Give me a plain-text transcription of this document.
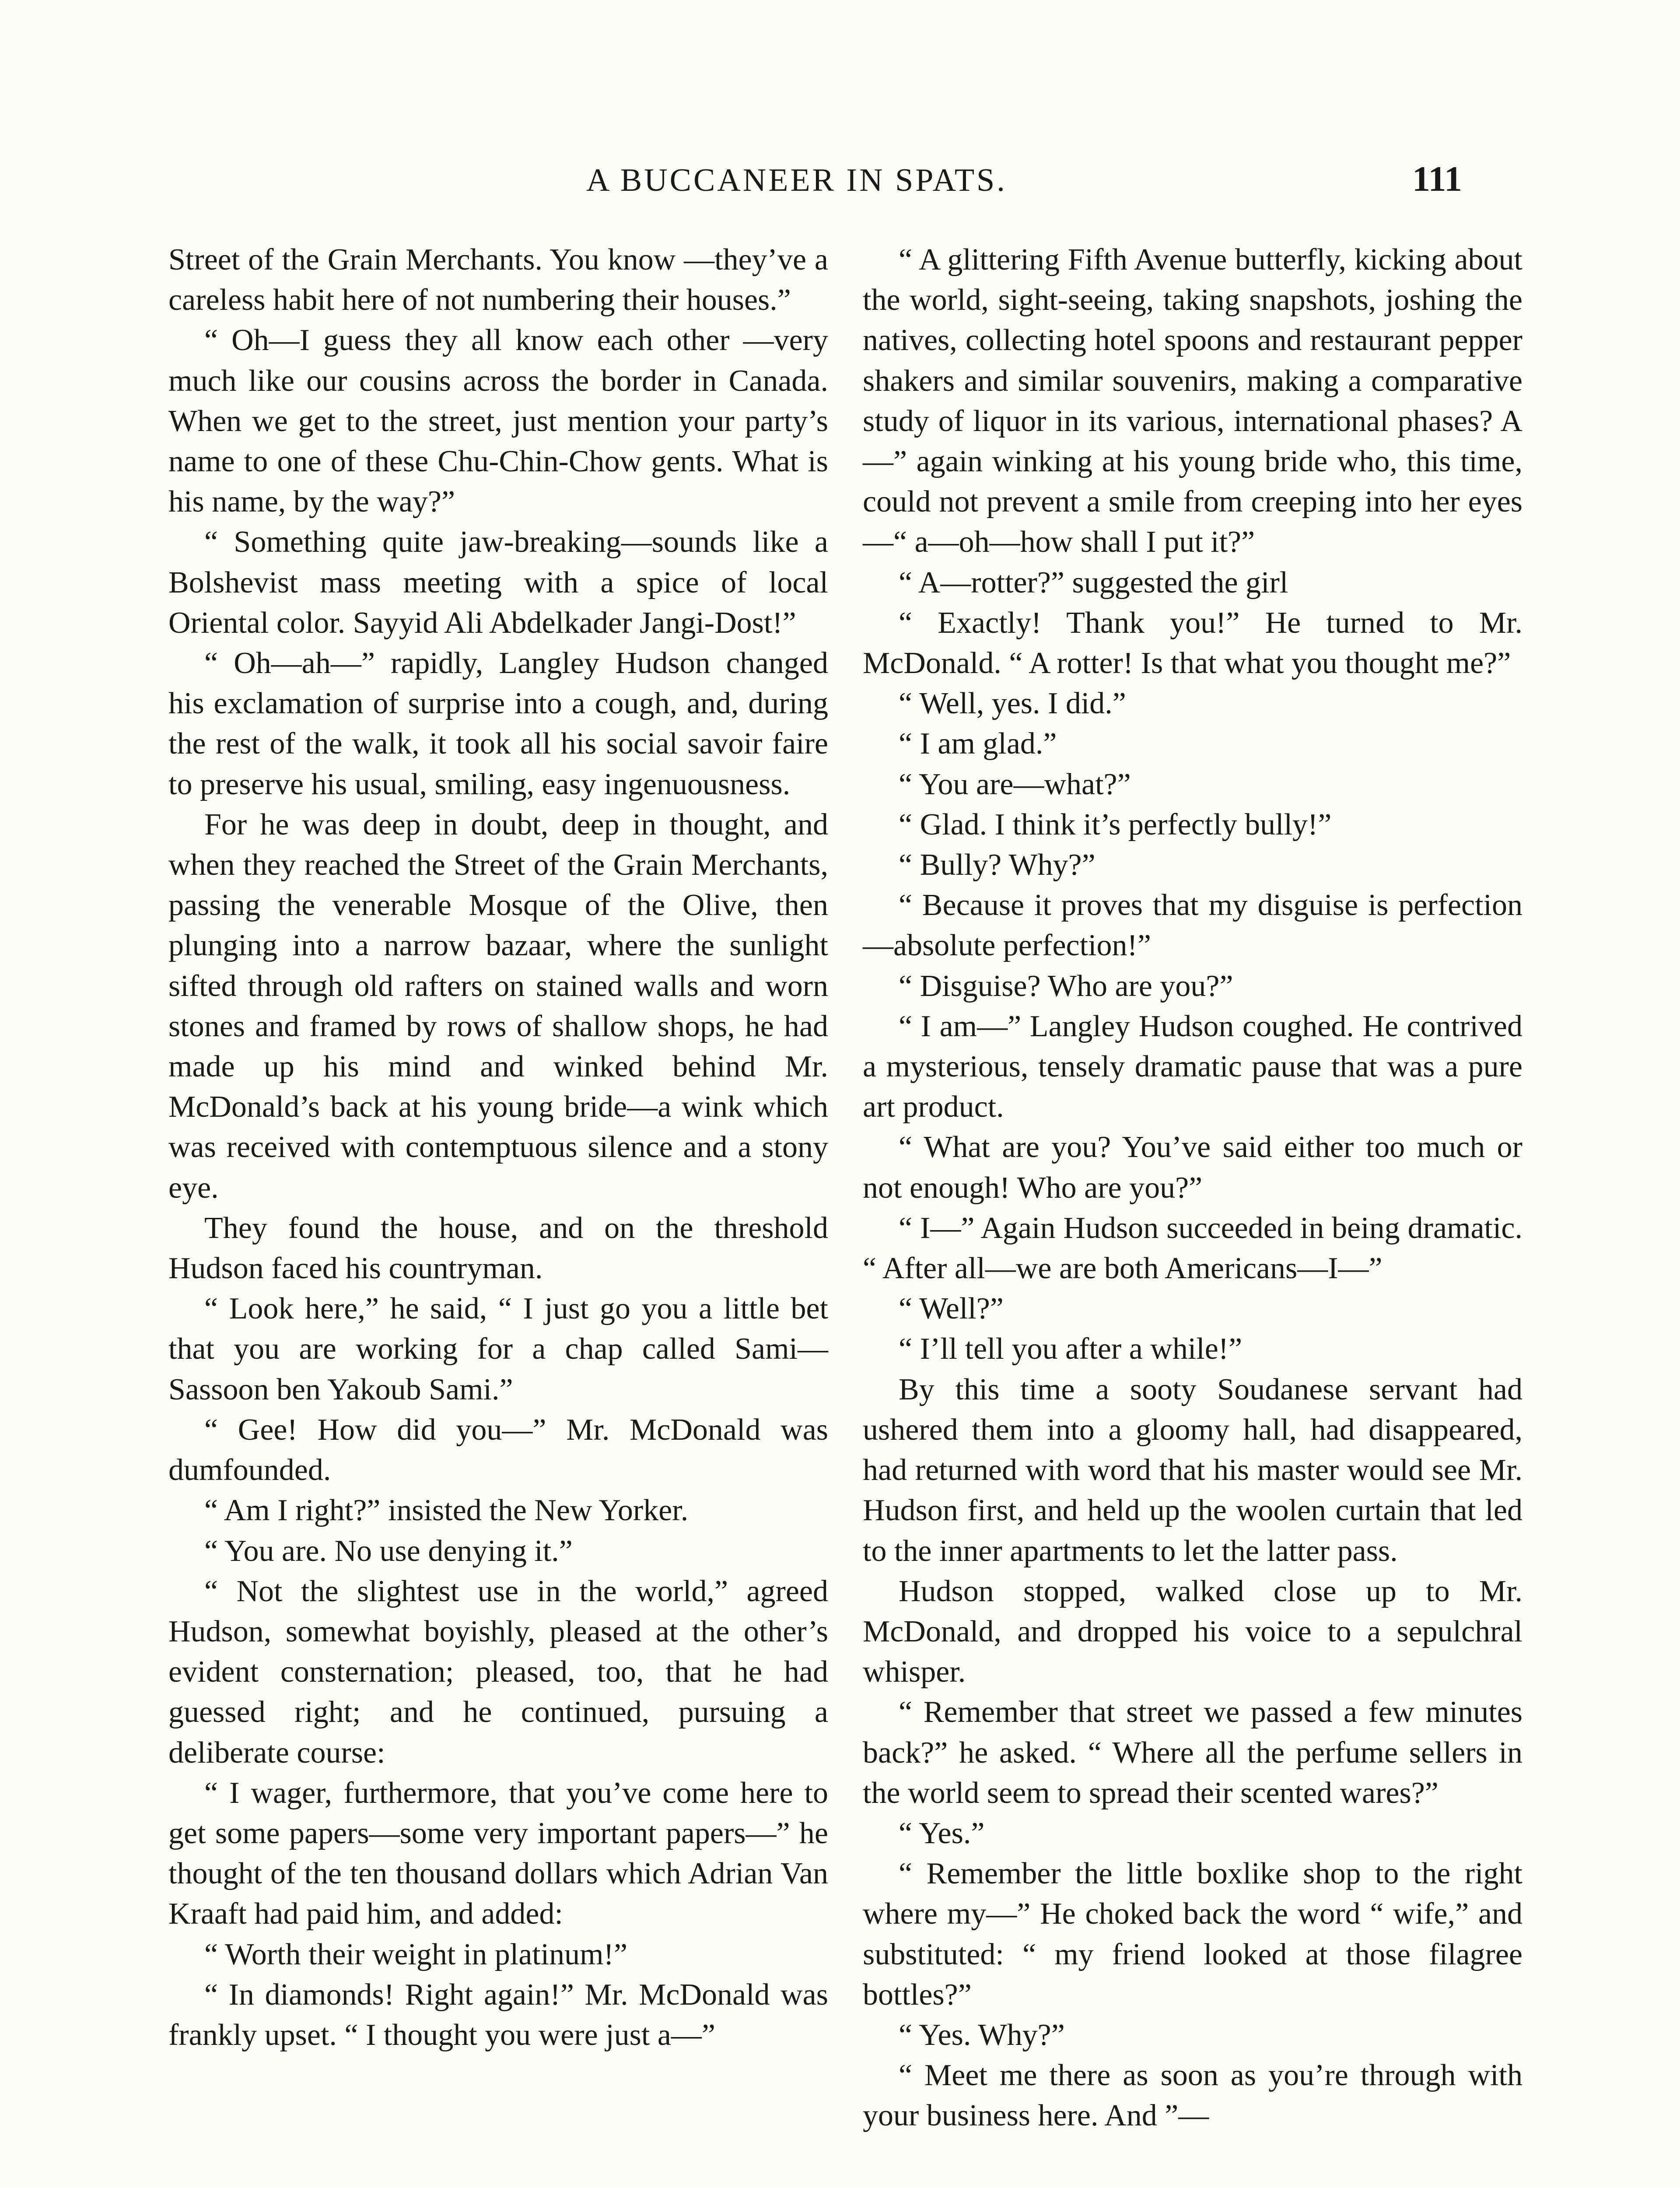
A BUCCANEER IN SPATS.	111

Street of the Grain Merchants. You know —they’ve a careless habit here of not numbering their houses.”

“ Oh—I guess they all know each other —very much like our cousins across the border in Canada. When we get to the street, just mention your party’s name to one of these Chu-Chin-Chow gents. What is his name, by the way?”

“ Something quite jaw-breaking—sounds like a Bolshevist mass meeting with a spice of local Oriental color. Sayyid Ali Abdelkader Jangi-Dost!”

“ Oh—ah—” rapidly, Langley Hudson changed his exclamation of surprise into a cough, and, during the rest of the walk, it took all his social savoir faire to preserve his usual, smiling, easy ingenuousness.

For he was deep in doubt, deep in thought, and when they reached the Street of the Grain Merchants, passing the venerable Mosque of the Olive, then plunging into a narrow bazaar, where the sunlight sifted through old rafters on stained walls and worn stones and framed by rows of shallow shops, he had made up his mind and winked behind Mr. McDonald’s back at his young bride—a wink which was received with contemptuous silence and a stony eye.

They found the house, and on the threshold Hudson faced his countryman.

“ Look here,” he said, “ I just go you a little bet that you are working for a chap called Sami—Sassoon ben Yakoub Sami.”

“ Gee! How did you—” Mr. McDonald was dumfounded.

“ Am I right?” insisted the New Yorker.

“ You are. No use denying it.”

“ Not the slightest use in the world,” agreed Hudson, somewhat boyishly, pleased at the other’s evident consternation; pleased, too, that he had guessed right; and he continued, pursuing a deliberate course:

“ I wager, furthermore, that you’ve come here to get some papers—some very important papers—” he thought of the ten thousand dollars which Adrian Van Kraaft had paid him, and added:

“ Worth their weight in platinum!”

“ In diamonds! Right again!” Mr. McDonald was frankly upset. “ I thought you were just a—”

“ A glittering Fifth Avenue butterfly, kicking about the world, sight-seeing, taking snapshots, joshing the natives, collecting hotel spoons and restaurant pepper shakers and similar souvenirs, making a comparative study of liquor in its various, international phases? A—” again winking at his young bride who, this time, could not prevent a smile from creeping into her eyes —“ a—oh—how shall I put it?”

“ A—rotter?” suggested the girl

“ Exactly! Thank you!” He turned to Mr. McDonald. “ A rotter! Is that what you thought me?”

“ Well, yes. I did.”

“ I am glad.”

“ You are—what?”

“ Glad. I think it’s perfectly bully!”

“ Bully? Why?”

“ Because it proves that my disguise is perfection—absolute perfection!”

“ Disguise? Who are you?”

“ I am—” Langley Hudson coughed. He contrived a mysterious, tensely dramatic pause that was a pure art product.

“ What are you? You’ve said either too much or not enough! Who are you?”

“ I—” Again Hudson succeeded in being dramatic. “ After all—we are both Americans—I—”

“ Well?”

“ I’ll tell you after a while!”

By this time a sooty Soudanese servant had ushered them into a gloomy hall, had disappeared, had returned with word that his master would see Mr. Hudson first, and held up the woolen curtain that led to the inner apartments to let the latter pass.

Hudson stopped, walked close up to Mr. McDonald, and dropped his voice to a sepulchral whisper.

“ Remember that street we passed a few minutes back?” he asked. “ Where all the perfume sellers in the world seem to spread their scented wares?”

“ Yes.”

“ Remember the little boxlike shop to the right where my—” He choked back the word “ wife,” and substituted: “ my friend looked at those filagree bottles?”

“ Yes. Why?”

“ Meet me there as soon as you’re through with your business here. And ”—
